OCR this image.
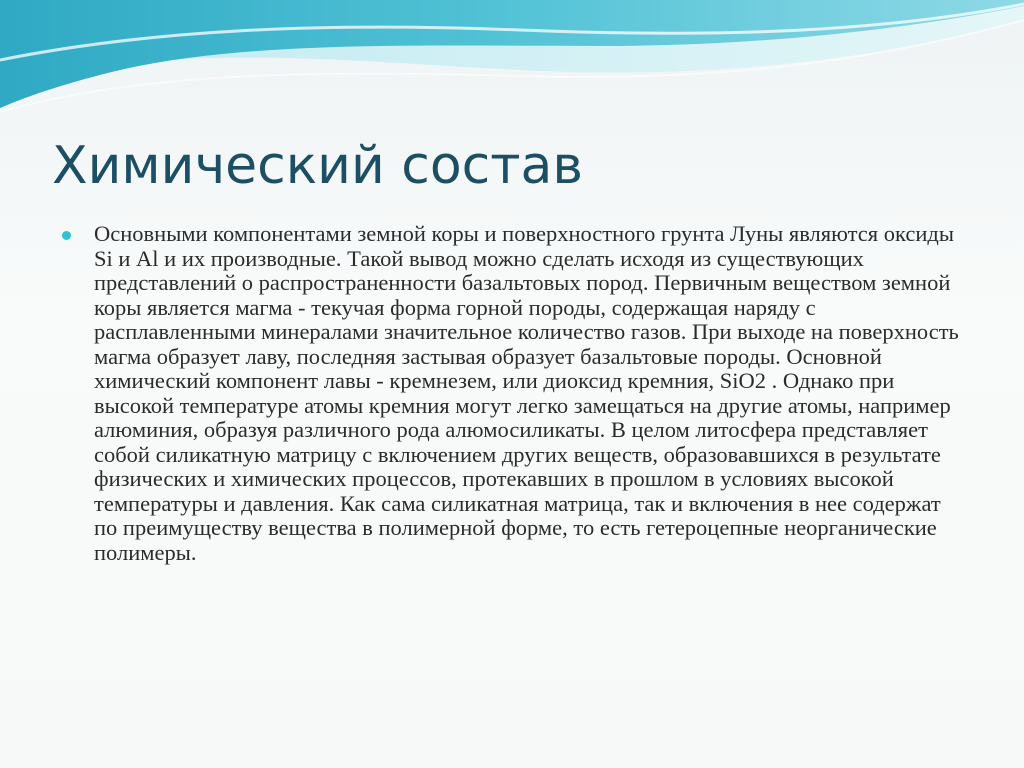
Химический состав

Основными компонентами земной коры и поверхностного грунта Луны являются оксиды Si и Al и их производные. Такой вывод можно сделать исходя из существующих представлений о распространенности базальтовых пород. Первичным веществом земной коры является магма - текучая форма горной породы, содержащая наряду с расплавленными минералами значительное количество газов. При выходе на поверхность магма образует лаву, последняя застывая образует базальтовые породы. Основной химический компонент лавы - кремнезем, или диоксид кремния, SiO2 . Однако при высокой температуре атомы кремния могут легко замещаться на другие атомы, например алюминия, образуя различного рода алюмосиликаты. В целом литосфера представляет собой силикатную матрицу с включением других веществ, образовавшихся в результате физических и химических процессов, протекавших в прошлом в условиях высокой температуры и давления. Как сама силикатная матрица, так и включения в нее содержат по преимуществу вещества в полимерной форме, то есть гетероцепные неорганические полимеры.
